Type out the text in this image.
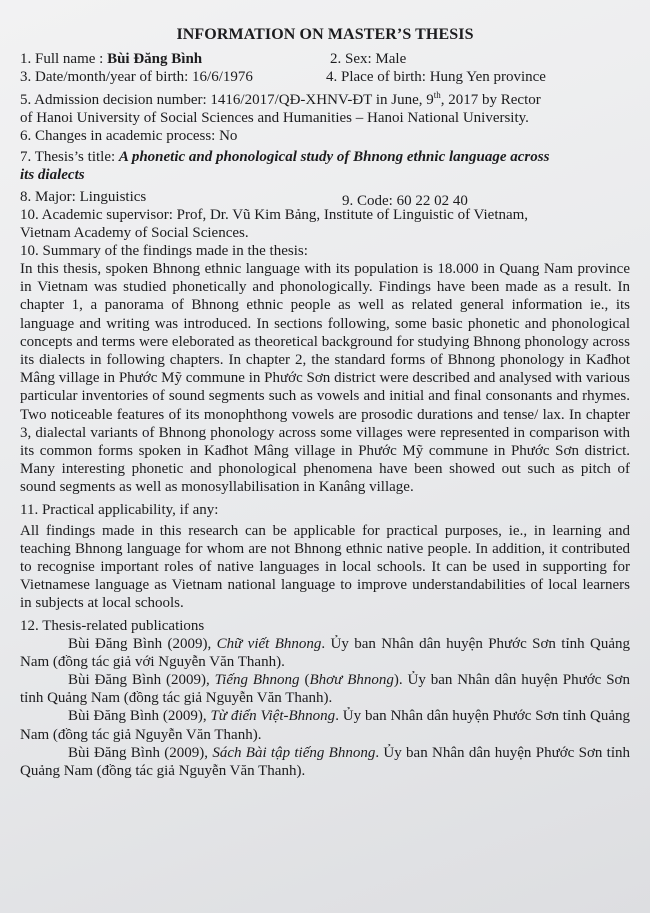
INFORMATION ON MASTER’S THESIS
1. Full name : Bùi Đăng Bình	2. Sex: Male
3. Date/month/year of birth: 16/6/1976	4. Place of birth: Hung Yen province
5. Admission decision number: 1416/2017/QĐ-XHNV-ĐT in June, 9th, 2017 by Rector
of Hanoi University of Social Sciences and Humanities – Hanoi National University.
6. Changes in academic process: No
7. Thesis’s title: A phonetic and phonological study of Bhnong ethnic language across
its dialects
8. Major: Linguistics	9. Code: 60 22 02 40
10. Academic supervisor: Prof, Dr. Vũ Kim Bảng, Institute of Linguistic of Vietnam,
Vietnam Academy of Social Sciences.
10. Summary of the findings made in the thesis:

In this thesis, spoken Bhnong ethnic language with its population is 18.000 in Quang Nam province in Vietnam was studied phonetically and phonologically. Findings have been made as a result. In chapter 1, a panorama of Bhnong ethnic people as well as related general information ie., its language and writing was introduced. In sections following, some basic phonetic and phonological concepts and terms were eleborated as theoretical background for studying Bhnong phonology across its dialects in following chapters. In chapter 2, the standard forms of Bhnong phonology in Kađhot Mâng village in Phước Mỹ commune in Phước Sơn district were described and analysed with various particular inventories of sound segments such as vowels and initial and final consonants and rhymes. Two noticeable features of its monophthong vowels are prosodic durations and tense/ lax. In chapter 3, dialectal variants of Bhnong phonology across some villages were represented in comparison with its common forms spoken in Kađhot Mâng village in Phước Mỹ commune in Phước Sơn district. Many interesting phonetic and phonological phenomena have been showed out such as pitch of sound segments as well as monosyllabilisation in Kanâng village.

11. Practical applicability, if any:

All findings made in this research can be applicable for practical purposes, ie., in learning and teaching Bhnong language for whom are not Bhnong ethnic native people. In addition, it contributed to recognise important roles of native languages in local schools. It can be used in supporting for Vietnamese language as Vietnam national language to improve understandabilities of local learners in subjects at local schools.

12. Thesis-related publications

Bùi Đăng Bình (2009), Chữ viết Bhnong. Ủy ban Nhân dân huyện Phước Sơn tỉnh Quảng Nam (đồng tác giả với Nguyễn Văn Thanh).

Bùi Đăng Bình (2009), Tiếng Bhnong (Bhơư Bhnong). Ủy ban Nhân dân huyện Phước Sơn tỉnh Quảng Nam (đồng tác giả Nguyễn Văn Thanh).

Bùi Đăng Bình (2009), Từ điển Việt-Bhnong. Ủy ban Nhân dân huyện Phước Sơn tỉnh Quảng Nam (đồng tác giả Nguyễn Văn Thanh).

Bùi Đăng Bình (2009), Sách Bài tập tiếng Bhnong. Ủy ban Nhân dân huyện Phước Sơn tỉnh Quảng Nam (đồng tác giả Nguyễn Văn Thanh).
